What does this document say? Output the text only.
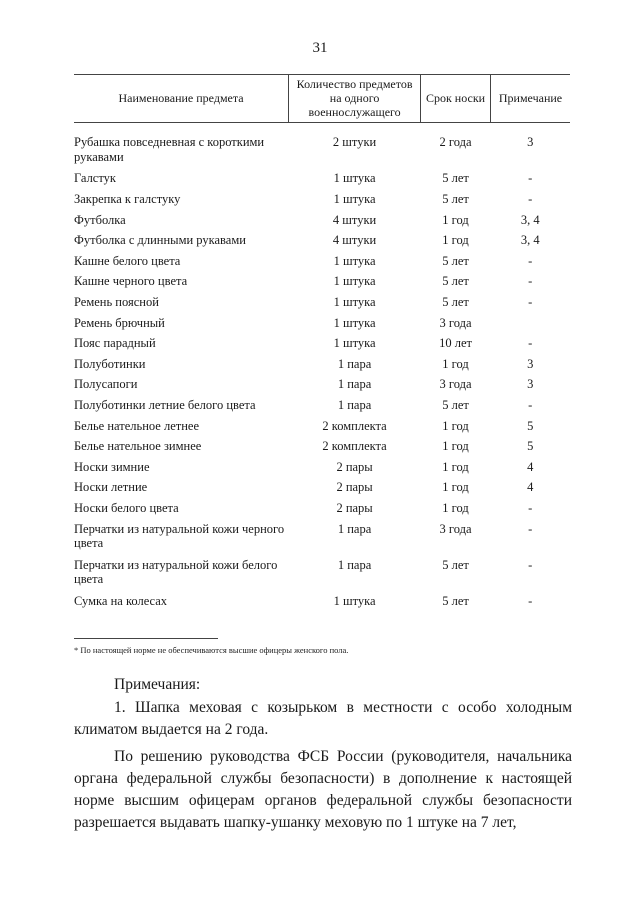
31
Наименование предмета	Количество предметов на одного военнослужащего	Срок носки	Примечание

Рубашка повседневная с короткими рукавами	2 штуки	2 года	3
Галстук	1 штука	5 лет	-
Закрепка к галстуку	1 штука	5 лет	-
Футболка	4 штуки	1 год	3, 4
Футболка с длинными рукавами	4 штуки	1 год	3, 4
Кашне белого цвета	1 штука	5 лет	-
Кашне черного цвета	1 штука	5 лет	-
Ремень поясной	1 штука	5 лет	-
Ремень брючный	1 штука	3 года	
Пояс парадный	1 штука	10 лет	-
Полуботинки	1 пара	1 год	3
Полусапоги	1 пара	3 года	3
Полуботинки летние белого цвета	1 пара	5 лет	-
Белье нательное летнее	2 комплекта	1 год	5
Белье нательное зимнее	2 комплекта	1 год	5
Носки зимние	2 пары	1 год	4
Носки летние	2 пары	1 год	4
Носки белого цвета	2 пары	1 год	-
Перчатки из натуральной кожи черного цвета	1 пара	3 года	-
Перчатки из натуральной кожи белого цвета	1 пара	5 лет	-
Сумка на колесах	1 штука	5 лет	-
* По настоящей норме не обеспечиваются высшие офицеры женского пола.

Примечания:

1. Шапка меховая с козырьком в местности с особо холодным климатом выдается на 2 года.

По решению руководства ФСБ России (руководителя, начальника органа федеральной службы безопасности) в дополнение к настоящей норме высшим офицерам органов федеральной службы безопасности разрешается выдавать шапку-ушанку меховую по 1 штуке на 7 лет,
